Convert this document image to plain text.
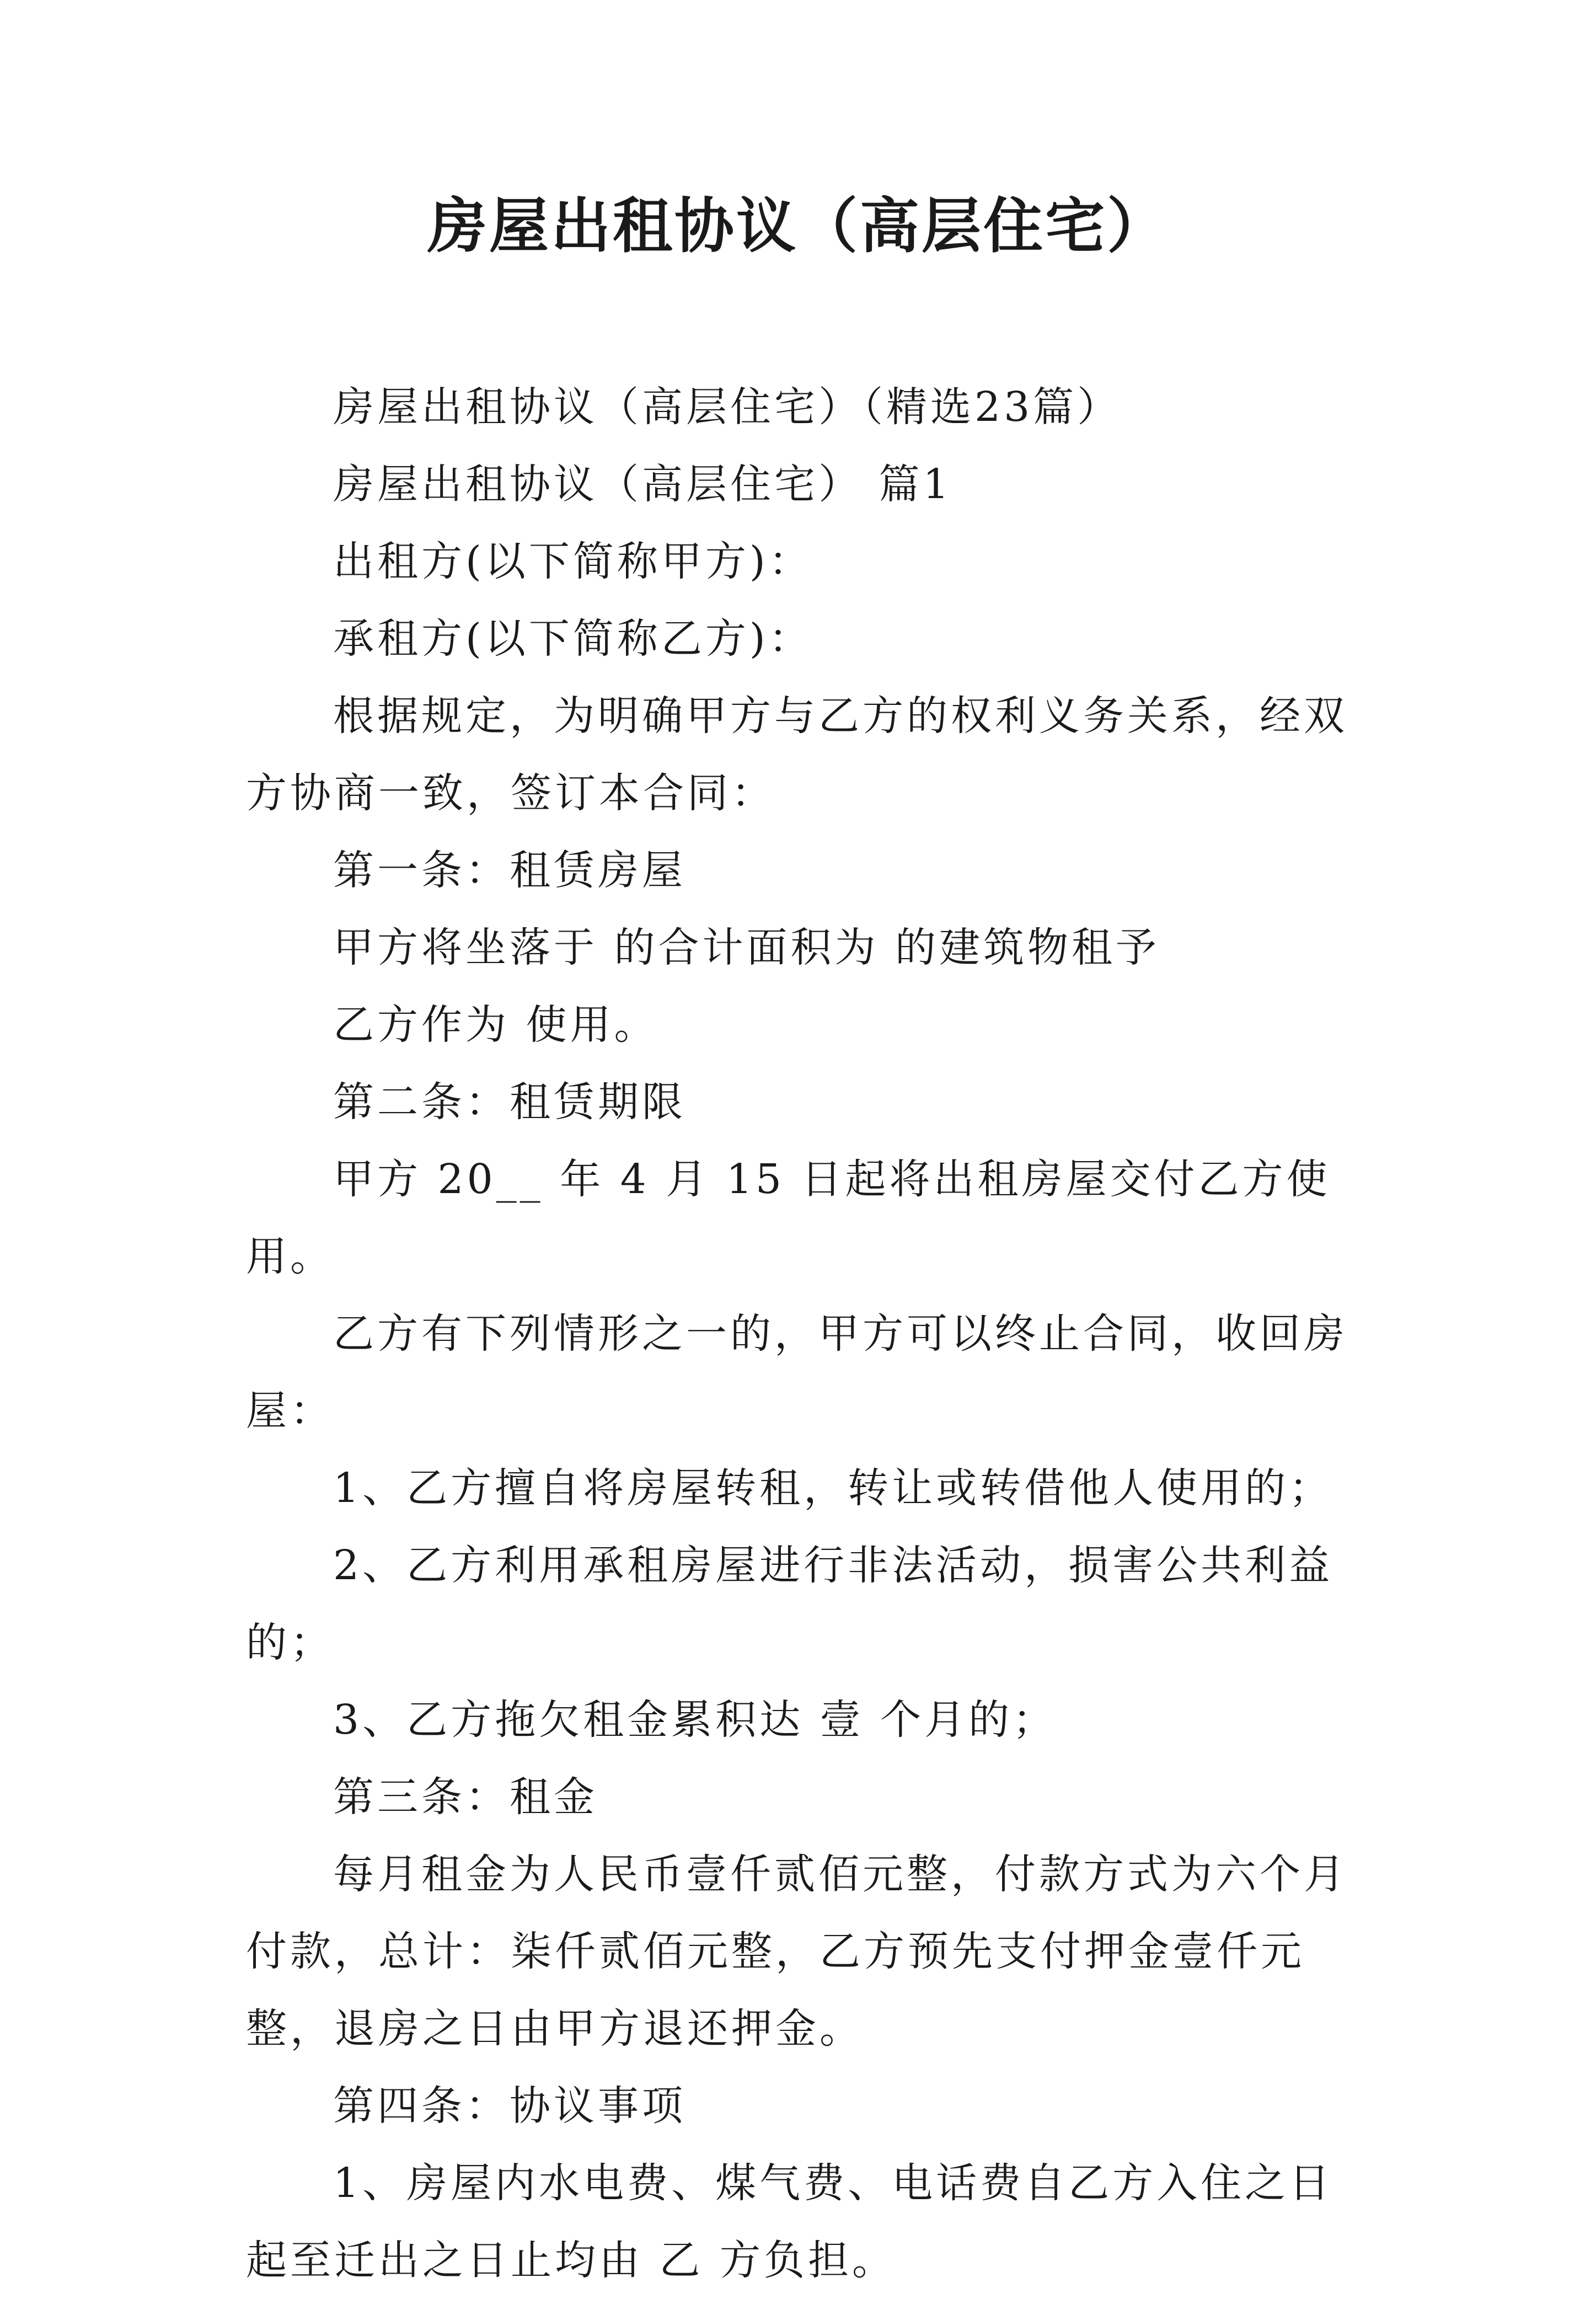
房屋出租协议（高层住宅）

房屋出租协议（高层住宅）（精选23篇）

房屋出租协议（高层住宅） 篇1

出租方(以下简称甲方)：

承租方(以下简称乙方)：

根据规定，为明确甲方与乙方的权利义务关系，经双方协商一致，签订本合同：

第一条：租赁房屋

甲方将坐落于 的合计面积为 的建筑物租予

乙方作为 使用。

第二条：租赁期限

甲方 20__ 年 4 月 15 日起将出租房屋交付乙方使用。

乙方有下列情形之一的，甲方可以终止合同，收回房屋：

1、乙方擅自将房屋转租，转让或转借他人使用的；

2、乙方利用承租房屋进行非法活动，损害公共利益的；

3、乙方拖欠租金累积达 壹 个月的；

第三条：租金

每月租金为人民币壹仟贰佰元整，付款方式为六个月付款，总计：柒仟贰佰元整，乙方预先支付押金壹仟元整，退房之日由甲方退还押金。

第四条：协议事项

1、房屋内水电费、煤气费、电话费自乙方入住之日起至迁出之日止均由 乙 方负担。
